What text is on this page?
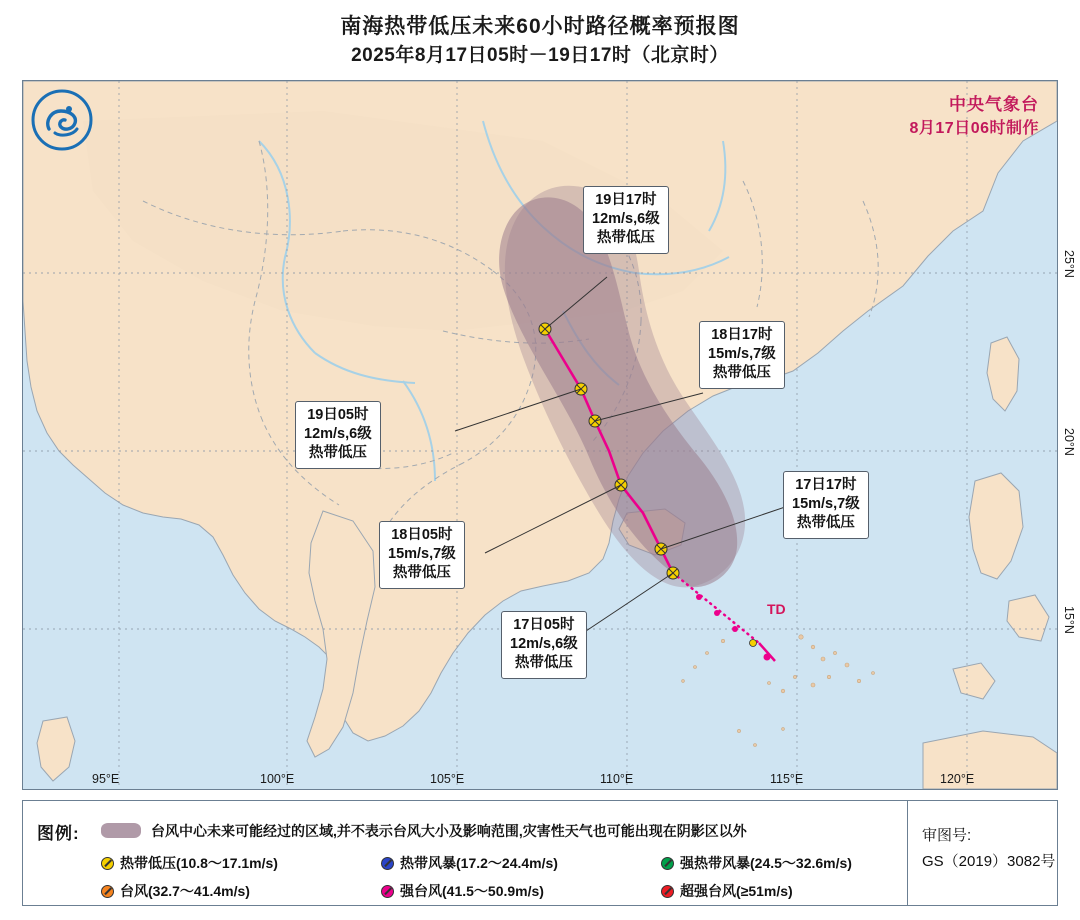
南海热带低压未来60小时路径概率预报图
2025年8月17日05时－19日17时（北京时）
中央气象台
8月17日06时制作
TD
19日17时
12m/s,6级
热带低压
18日17时
15m/s,7级
热带低压
19日05时
12m/s,6级
热带低压
17日17时
15m/s,7级
热带低压
18日05时
15m/s,7级
热带低压
17日05时
12m/s,6级
热带低压
95°E	100°E	105°E	110°E	115°E	120°E
25°N
20°N
15°N
图例:	台风中心未来可能经过的区域,并不表示台风大小及影响范围,灾害性天气也可能出现在阴影区以外
热带低压(10.8～17.1m/s)	热带风暴(17.2～24.4m/s)	强热带风暴(24.5～32.6m/s)
台风(32.7～41.4m/s)	强台风(41.5～50.9m/s)	超强台风(≥51m/s)
审图号:
GS（2019）3082号
